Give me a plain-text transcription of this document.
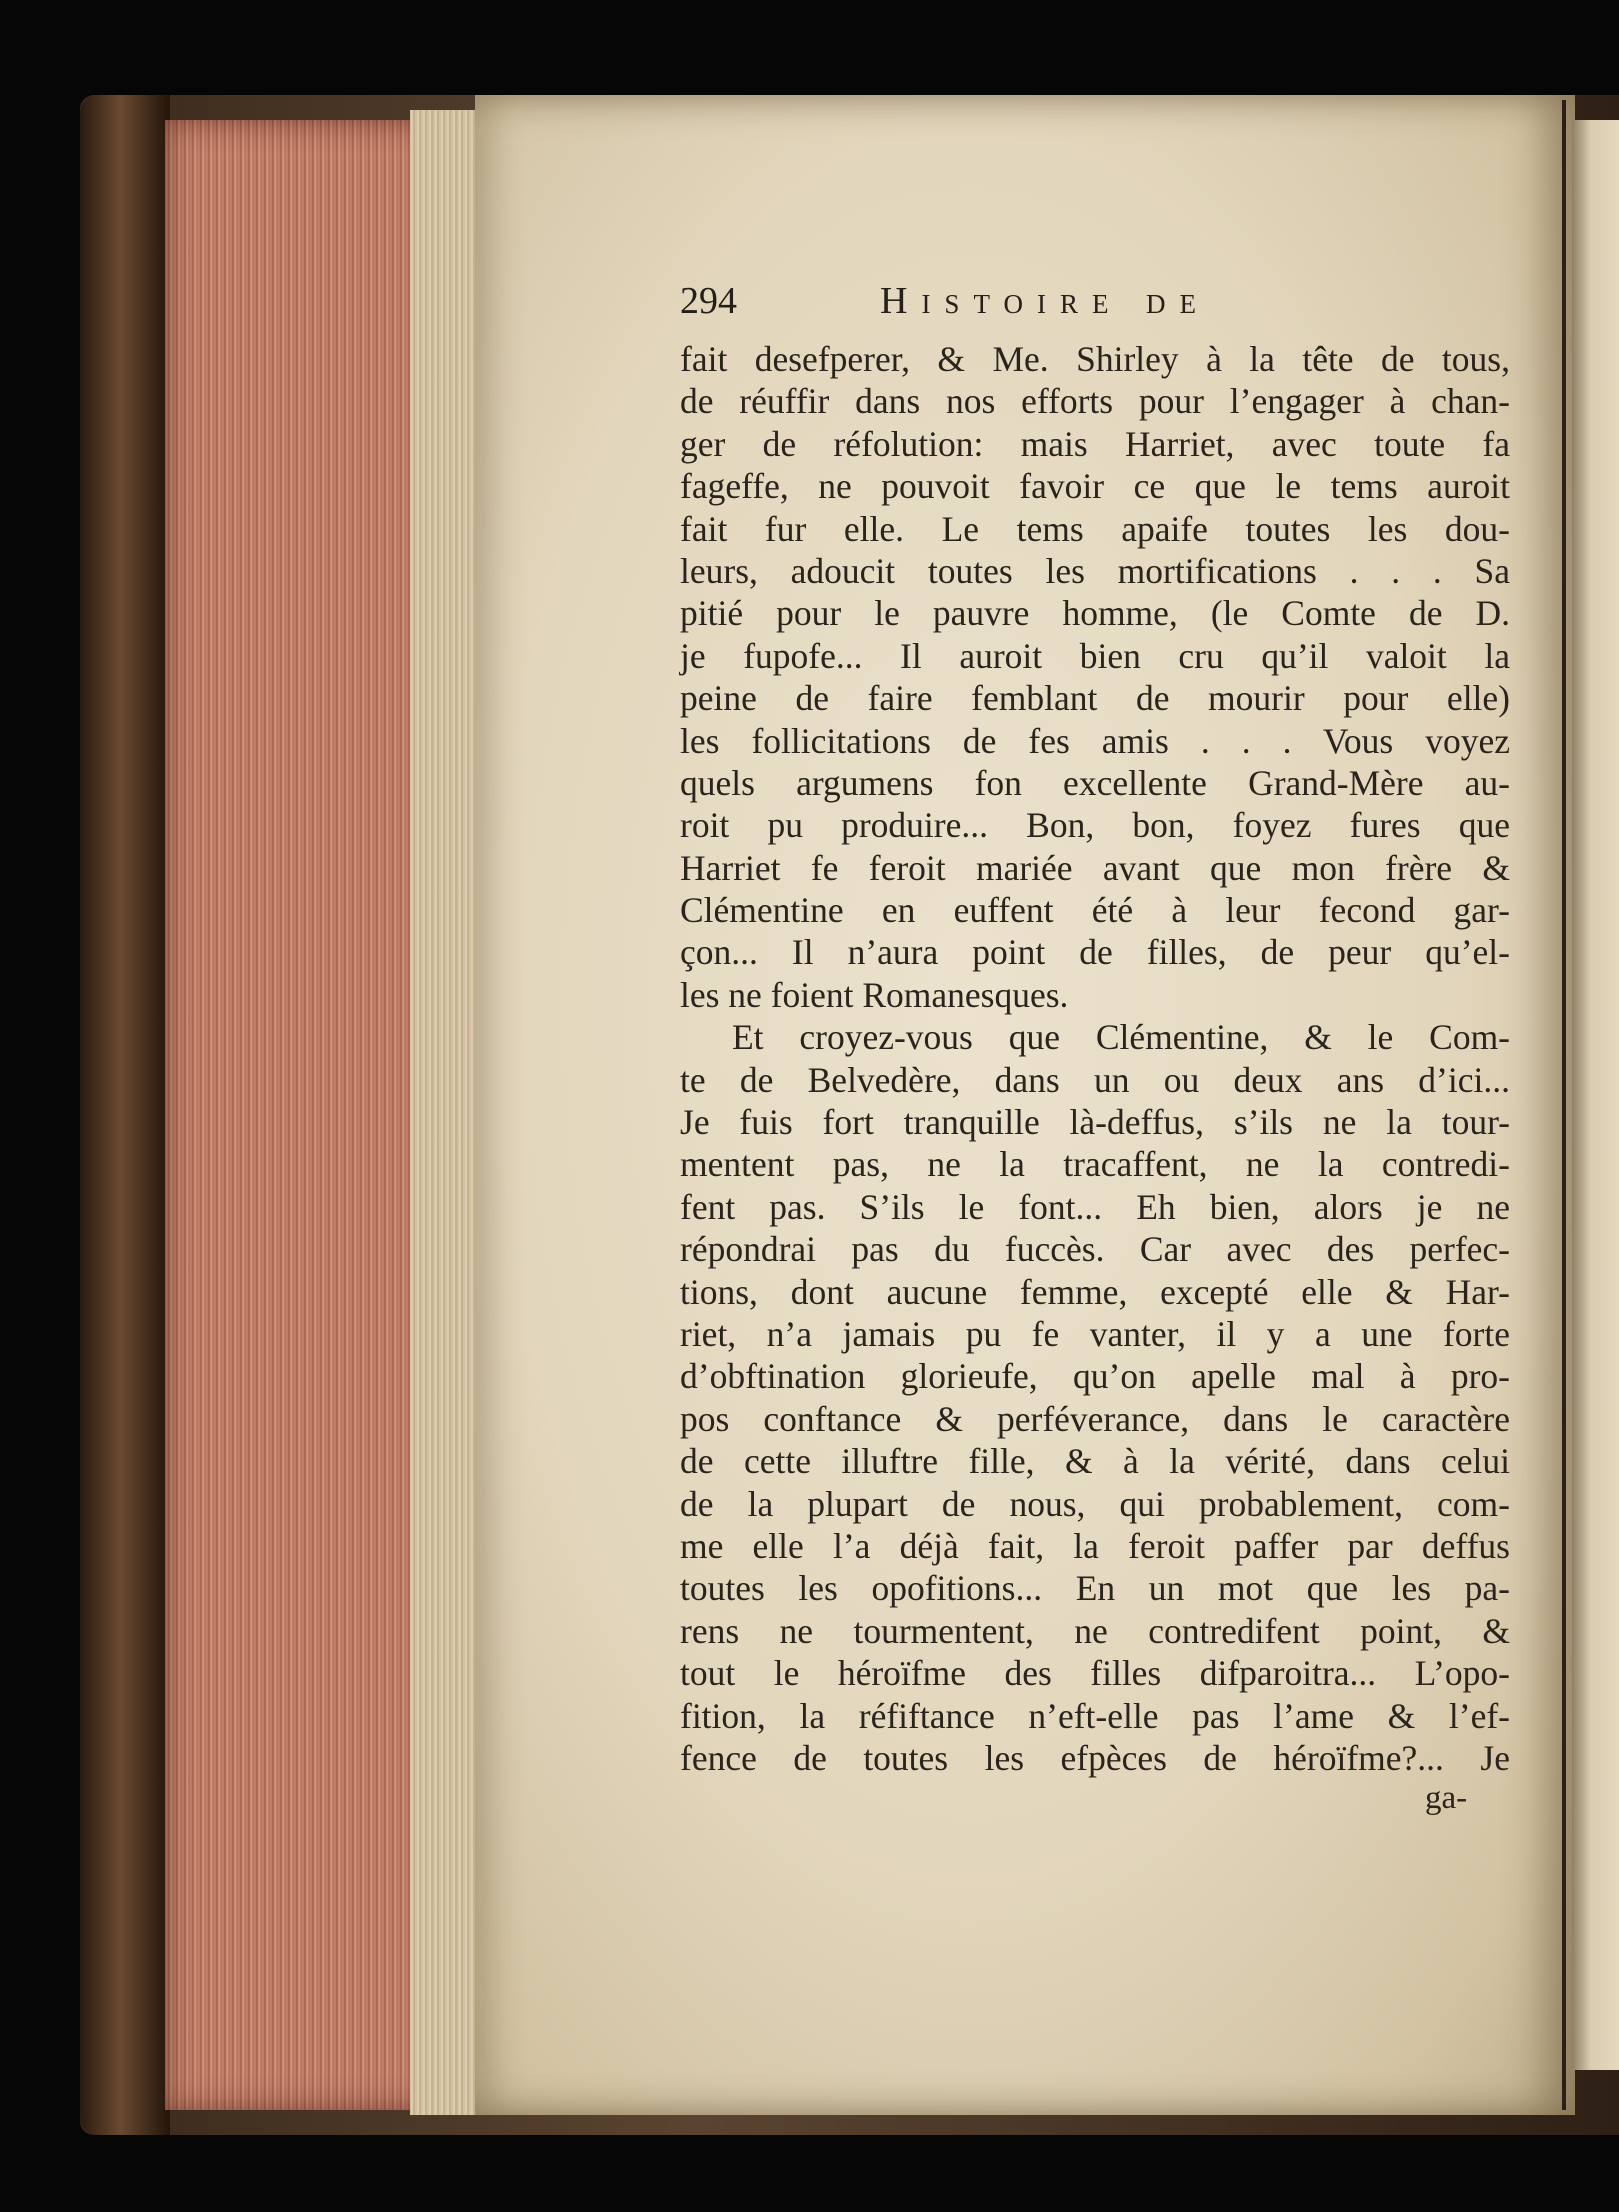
294	Histoire de
fait desefperer, & Me. Shirley à la tête de tous,
de réuffir dans nos efforts pour l’engager à chan-
ger de réfolution: mais Harriet, avec toute fa
fageffe, ne pouvoit favoir ce que le tems auroit
fait fur elle. Le tems apaife toutes les dou-
leurs, adoucit toutes les mortifications . . . Sa
pitié pour le pauvre homme, (le Comte de D.
je fupofe... Il auroit bien cru qu’il valoit la
peine de faire femblant de mourir pour elle)
les follicitations de fes amis . . . Vous voyez
quels argumens fon excellente Grand-Mère au-
roit pu produire... Bon, bon, foyez fures que
Harriet fe feroit mariée avant que mon frère &
Clémentine en euffent été à leur fecond gar-
çon... Il n’aura point de filles, de peur qu’el-
les ne foient Romanesques.
Et croyez-vous que Clémentine, & le Com-
te de Belvedère, dans un ou deux ans d’ici...
Je fuis fort tranquille là-deffus, s’ils ne la tour-
mentent pas, ne la tracaffent, ne la contredi-
fent pas. S’ils le font... Eh bien, alors je ne
répondrai pas du fuccès. Car avec des perfec-
tions, dont aucune femme, excepté elle & Har-
riet, n’a jamais pu fe vanter, il y a une forte
d’obftination glorieufe, qu’on apelle mal à pro-
pos conftance & perféverance, dans le caractère
de cette illuftre fille, & à la vérité, dans celui
de la plupart de nous, qui probablement, com-
me elle l’a déjà fait, la feroit paffer par deffus
toutes les opofitions... En un mot que les pa-
rens ne tourmentent, ne contredifent point, &
tout le héroïfme des filles difparoitra... L’opo-
fition, la réfiftance n’eft-elle pas l’ame & l’ef-
fence de toutes les efpèces de héroïfme?... Je
ga-
